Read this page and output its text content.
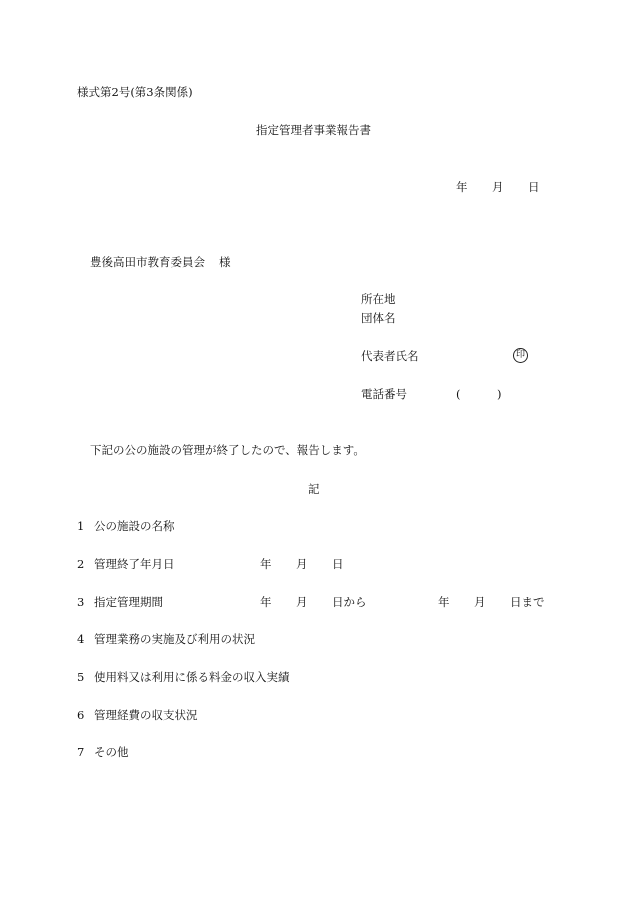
様式第2号(第3条関係)
指定管理者事業報告書
年 月 日
豊後高田市教育委員会 様
所在地
団体名
代表者氏名	印
電話番号	(	)
下記の公の施設の管理が終了したので、報告します。
記
1 公の施設の名称
2 管理終了年月日	年 月 日
3 指定管理期間	年 月 日から	年 月 日まで
4 管理業務の実施及び利用の状況
5 使用料又は利用に係る料金の収入実績
6 管理経費の収支状況
7 その他
